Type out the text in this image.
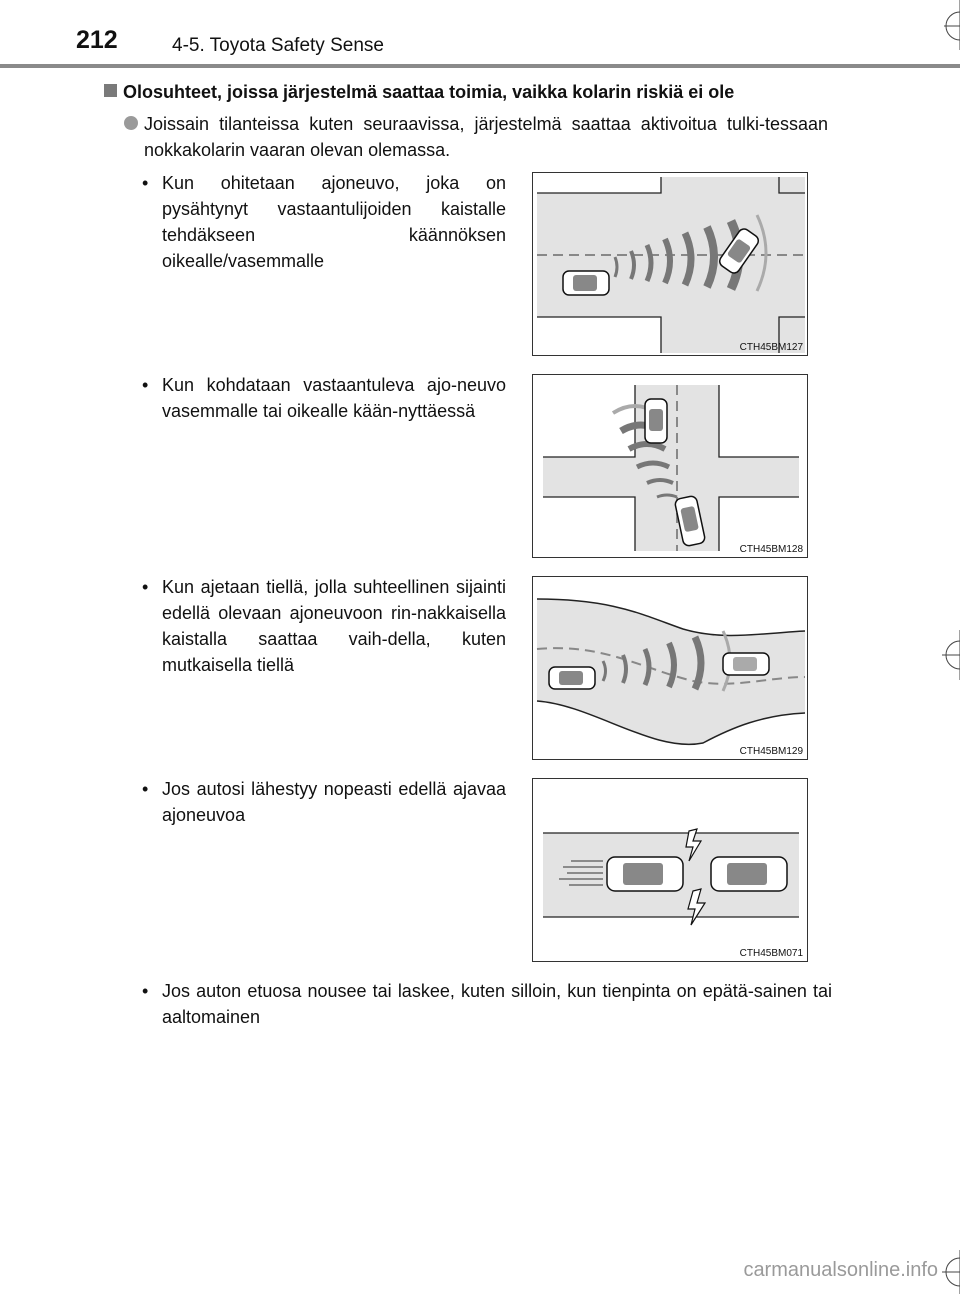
212	4-5. Toyota Safety Sense
Olosuhteet, joissa järjestelmä saattaa toimia, vaikka kolarin riskiä ei ole

Joissain tilanteissa kuten seuraavissa, järjestelmä saattaa aktivoitua tulki-tessaan nokkakolarin vaaran olevan olemassa.

• Kun ohitetaan ajoneuvo, joka on pysähtynyt vastaantulijoiden kaistalle tehdäkseen käännöksen oikealle/vasemmalle

• Kun kohdataan vastaantuleva ajo-neuvo vasemmalle tai oikealle kään-nyttäessä

• Kun ajetaan tiellä, jolla suhteellinen sijainti edellä olevaan ajoneuvoon rin-nakkaisella kaistalla saattaa vaih-della, kuten mutkaisella tiellä

• Jos autosi lähestyy nopeasti edellä ajavaa ajoneuvoa

• Jos auton etuosa nousee tai laskee, kuten silloin, kun tienpinta on epätä-sainen tai aaltomainen

CTH45BM127
CTH45BM128
CTH45BM129
CTH45BM071
carmanualsonline.info
